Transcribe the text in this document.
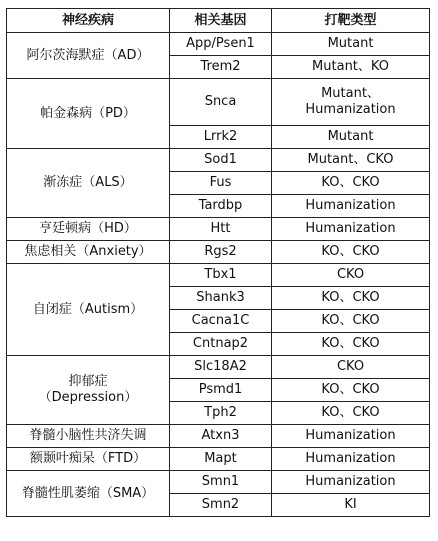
神经疾病	相关基因	打靶类型
阿尔茨海默症（AD）	App/Psen1	Mutant
	Trem2	Mutant、KO
帕金森病（PD）	Snca	Mutant、
Humanization
	Lrrk2	Mutant
渐冻症（ALS）	Sod1	Mutant、CKO
	Fus	KO、CKO
	Tardbp	Humanization
亨廷顿病（HD）	Htt	Humanization
焦虑相关（Anxiety）	Rgs2	KO、CKO
自闭症（Autism）	Tbx1	CKO
	Shank3	KO、CKO
	Cacna1C	KO、CKO
	Cntnap2	KO、CKO
抑郁症
（Depression）	Slc18A2	CKO
	Psmd1	KO、CKO
	Tph2	KO、CKO
脊髓小脑性共济失调	Atxn3	Humanization
额颞叶痴呆（FTD）	Mapt	Humanization
脊髓性肌萎缩（SMA）	Smn1	Humanization
	Smn2	KI
